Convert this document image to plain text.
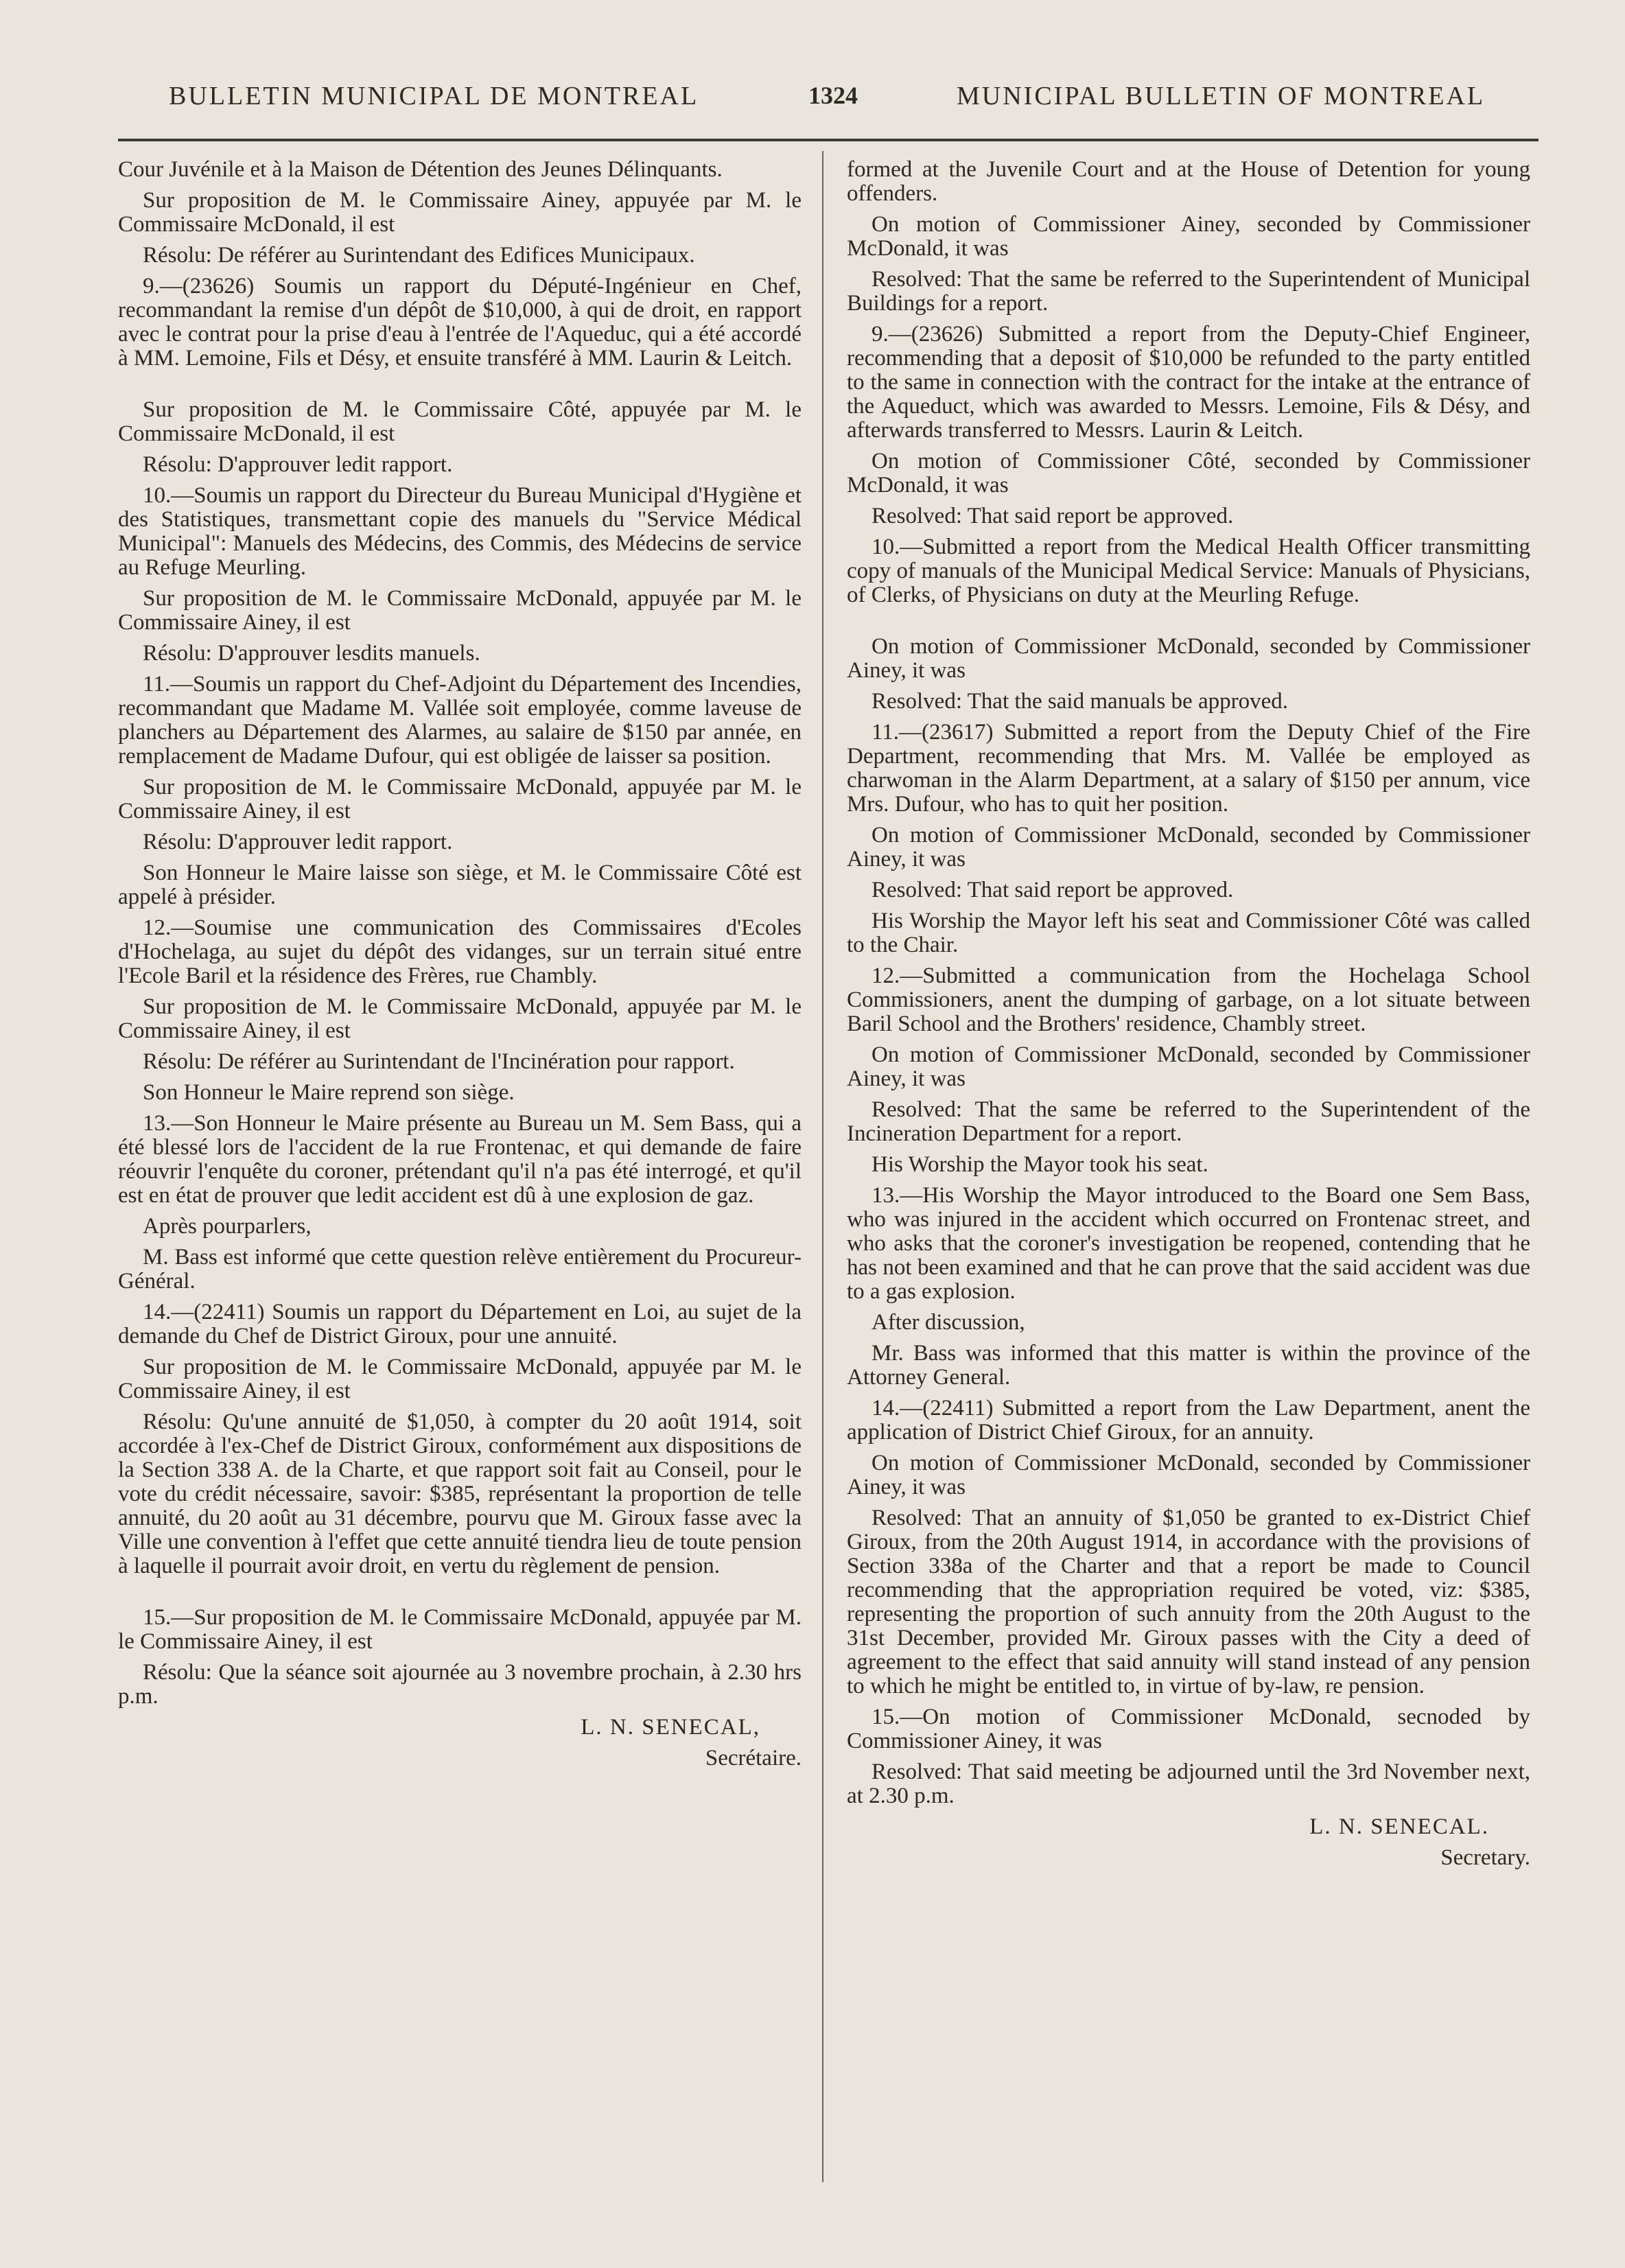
BULLETIN MUNICIPAL DE MONTREAL	1324	MUNICIPAL BULLETIN OF MONTREAL

Cour Juvénile et à la Maison de Détention des Jeunes Délinquants.

Sur proposition de M. le Commissaire Ainey, appuyée par M. le Commissaire McDonald, il est

Résolu: De référer au Surintendant des Edifices Municipaux.

9.—(23626) Soumis un rapport du Député-Ingénieur en Chef, recommandant la remise d'un dépôt de $10,000, à qui de droit, en rapport avec le contrat pour la prise d'eau à l'entrée de l'Aqueduc, qui a été accordé à MM. Lemoine, Fils et Désy, et ensuite transféré à MM. Laurin & Leitch.

Sur proposition de M. le Commissaire Côté, appuyée par M. le Commissaire McDonald, il est

Résolu: D'approuver ledit rapport.

10.—Soumis un rapport du Directeur du Bureau Municipal d'Hygiène et des Statistiques, transmettant copie des manuels du "Service Médical Municipal": Manuels des Médecins, des Commis, des Médecins de service au Refuge Meurling.

Sur proposition de M. le Commissaire McDonald, appuyée par M. le Commissaire Ainey, il est

Résolu: D'approuver lesdits manuels.

11.—Soumis un rapport du Chef-Adjoint du Département des Incendies, recommandant que Madame M. Vallée soit employée, comme laveuse de planchers au Département des Alarmes, au salaire de $150 par année, en remplacement de Madame Dufour, qui est obligée de laisser sa position.

Sur proposition de M. le Commissaire McDonald, appuyée par M. le Commissaire Ainey, il est

Résolu: D'approuver ledit rapport.

Son Honneur le Maire laisse son siège, et M. le Commissaire Côté est appelé à présider.

12.—Soumise une communication des Commissaires d'Ecoles d'Hochelaga, au sujet du dépôt des vidanges, sur un terrain situé entre l'Ecole Baril et la résidence des Frères, rue Chambly.

Sur proposition de M. le Commissaire McDonald, appuyée par M. le Commissaire Ainey, il est

Résolu: De référer au Surintendant de l'Incinération pour rapport.

Son Honneur le Maire reprend son siège.

13.—Son Honneur le Maire présente au Bureau un M. Sem Bass, qui a été blessé lors de l'accident de la rue Frontenac, et qui demande de faire réouvrir l'enquête du coroner, prétendant qu'il n'a pas été interrogé, et qu'il est en état de prouver que ledit accident est dû à une explosion de gaz.

Après pourparlers,

M. Bass est informé que cette question relève entièrement du Procureur-Général.

14.—(22411) Soumis un rapport du Département en Loi, au sujet de la demande du Chef de District Giroux, pour une annuité.

Sur proposition de M. le Commissaire McDonald, appuyée par M. le Commissaire Ainey, il est

Résolu: Qu'une annuité de $1,050, à compter du 20 août 1914, soit accordée à l'ex-Chef de District Giroux, conformément aux dispositions de la Section 338 A. de la Charte, et que rapport soit fait au Conseil, pour le vote du crédit nécessaire, savoir: $385, représentant la proportion de telle annuité, du 20 août au 31 décembre, pourvu que M. Giroux fasse avec la Ville une convention à l'effet que cette annuité tiendra lieu de toute pension à laquelle il pourrait avoir droit, en vertu du règlement de pension.

15.—Sur proposition de M. le Commissaire McDonald, appuyée par M. le Commissaire Ainey, il est

Résolu: Que la séance soit ajournée au 3 novembre prochain, à 2.30 hrs p.m.

L. N. SENECAL,

Secrétaire.

formed at the Juvenile Court and at the House of Detention for young offenders.

On motion of Commissioner Ainey, seconded by Commissioner McDonald, it was

Resolved: That the same be referred to the Superintendent of Municipal Buildings for a report.

9.—(23626) Submitted a report from the Deputy-Chief Engineer, recommending that a deposit of $10,000 be refunded to the party entitled to the same in connection with the contract for the intake at the entrance of the Aqueduct, which was awarded to Messrs. Lemoine, Fils & Désy, and afterwards transferred to Messrs. Laurin & Leitch.

On motion of Commissioner Côté, seconded by Commissioner McDonald, it was

Resolved: That said report be approved.

10.—Submitted a report from the Medical Health Officer transmitting copy of manuals of the Municipal Medical Service: Manuals of Physicians, of Clerks, of Physicians on duty at the Meurling Refuge.

On motion of Commissioner McDonald, seconded by Commissioner Ainey, it was

Resolved: That the said manuals be approved.

11.—(23617) Submitted a report from the Deputy Chief of the Fire Department, recommending that Mrs. M. Vallée be employed as charwoman in the Alarm Department, at a salary of $150 per annum, vice Mrs. Dufour, who has to quit her position.

On motion of Commissioner McDonald, seconded by Commissioner Ainey, it was

Resolved: That said report be approved.

His Worship the Mayor left his seat and Commissioner Côté was called to the Chair.

12.—Submitted a communication from the Hochelaga School Commissioners, anent the dumping of garbage, on a lot situate between Baril School and the Brothers' residence, Chambly street.

On motion of Commissioner McDonald, seconded by Commissioner Ainey, it was

Resolved: That the same be referred to the Superintendent of the Incineration Department for a report.

His Worship the Mayor took his seat.

13.—His Worship the Mayor introduced to the Board one Sem Bass, who was injured in the accident which occurred on Frontenac street, and who asks that the coroner's investigation be reopened, contending that he has not been examined and that he can prove that the said accident was due to a gas explosion.

After discussion,

Mr. Bass was informed that this matter is within the province of the Attorney General.

14.—(22411) Submitted a report from the Law Department, anent the application of District Chief Giroux, for an annuity.

On motion of Commissioner McDonald, seconded by Commissioner Ainey, it was

Resolved: That an annuity of $1,050 be granted to ex-District Chief Giroux, from the 20th August 1914, in accordance with the provisions of Section 338a of the Charter and that a report be made to Council recommending that the appropriation required be voted, viz: $385, representing the proportion of such annuity from the 20th August to the 31st December, provided Mr. Giroux passes with the City a deed of agreement to the effect that said annuity will stand instead of any pension to which he might be entitled to, in virtue of by-law, re pension.

15.—On motion of Commissioner McDonald, secnoded by Commissioner Ainey, it was

Resolved: That said meeting be adjourned until the 3rd November next, at 2.30 p.m.

L. N. SENECAL.

Secretary.
